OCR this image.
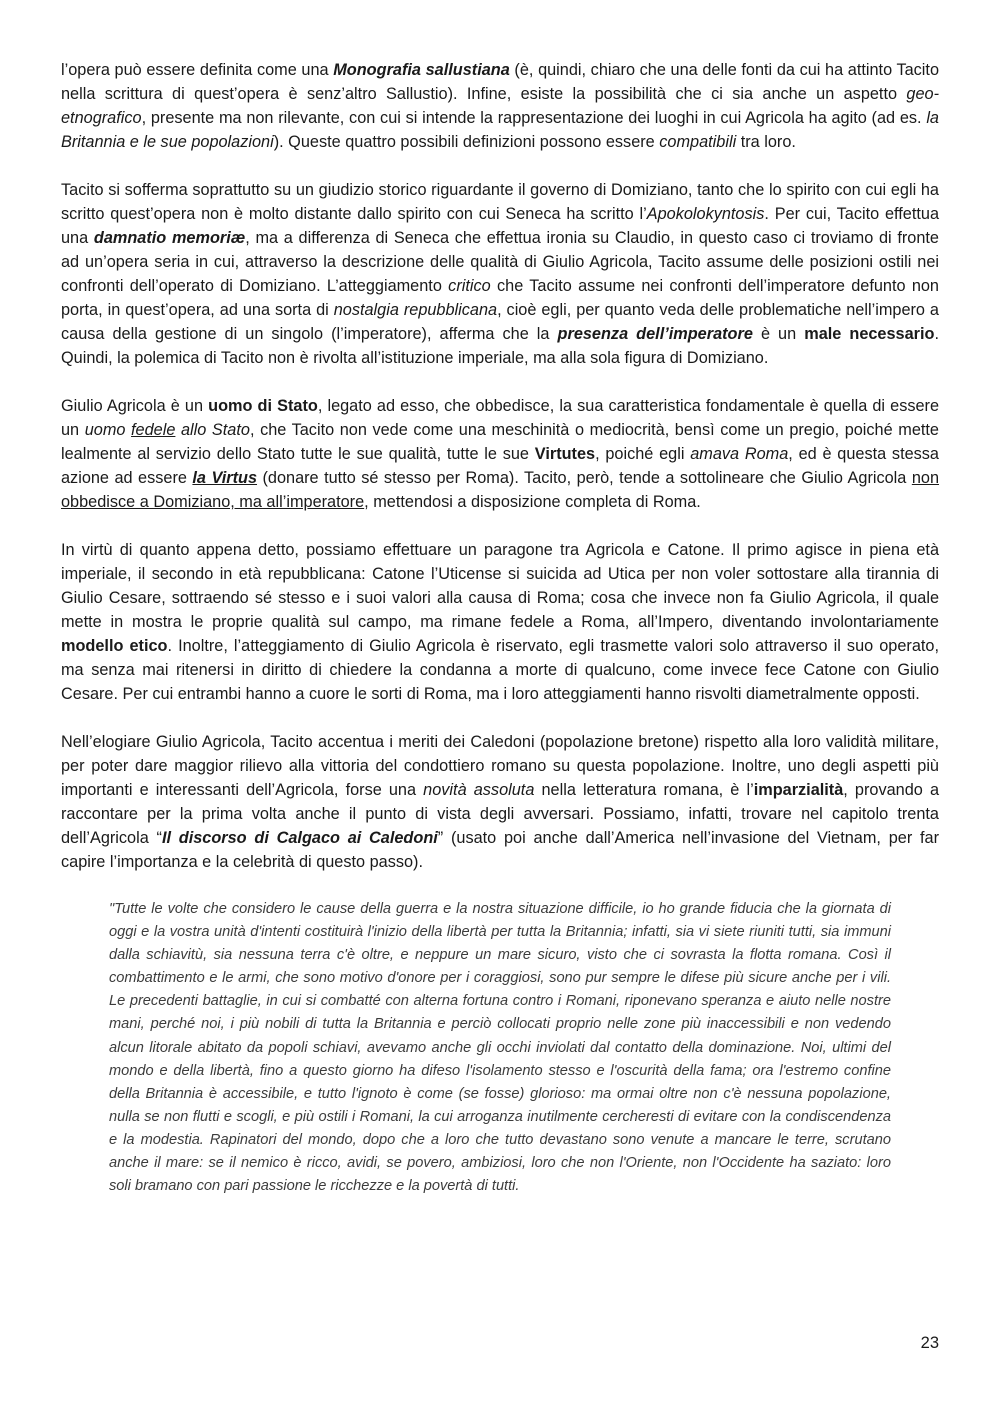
l’opera può essere definita come una Monografia sallustiana (è, quindi, chiaro che una delle fonti da cui ha attinto Tacito nella scrittura di quest’opera è senz’altro Sallustio). Infine, esiste la possibilità che ci sia anche un aspetto geo-etnografico, presente ma non rilevante, con cui si intende la rappresentazione dei luoghi in cui Agricola ha agito (ad es. la Britannia e le sue popolazioni). Queste quattro possibili definizioni possono essere compatibili tra loro.

Tacito si sofferma soprattutto su un giudizio storico riguardante il governo di Domiziano, tanto che lo spirito con cui egli ha scritto quest’opera non è molto distante dallo spirito con cui Seneca ha scritto l’Apokolokyntosis. Per cui, Tacito effettua una damnatio memoriæ, ma a differenza di Seneca che effettua ironia su Claudio, in questo caso ci troviamo di fronte ad un’opera seria in cui, attraverso la descrizione delle qualità di Giulio Agricola, Tacito assume delle posizioni ostili nei confronti dell’operato di Domiziano. L’atteggiamento critico che Tacito assume nei confronti dell’imperatore defunto non porta, in quest’opera, ad una sorta di nostalgia repubblicana, cioè egli, per quanto veda delle problematiche nell’impero a causa della gestione di un singolo (l’imperatore), afferma che la presenza dell’imperatore è un male necessario. Quindi, la polemica di Tacito non è rivolta all’istituzione imperiale, ma alla sola figura di Domiziano.

Giulio Agricola è un uomo di Stato, legato ad esso, che obbedisce, la sua caratteristica fondamentale è quella di essere un uomo fedele allo Stato, che Tacito non vede come una meschinità o mediocrità, bensì come un pregio, poiché mette lealmente al servizio dello Stato tutte le sue qualità, tutte le sue Virtutes, poiché egli amava Roma, ed è questa stessa azione ad essere la Virtus (donare tutto sé stesso per Roma). Tacito, però, tende a sottolineare che Giulio Agricola non obbedisce a Domiziano, ma all’imperatore, mettendosi a disposizione completa di Roma.

In virtù di quanto appena detto, possiamo effettuare un paragone tra Agricola e Catone. Il primo agisce in piena età imperiale, il secondo in età repubblicana: Catone l’Uticense si suicida ad Utica per non voler sottostare alla tirannia di Giulio Cesare, sottraendo sé stesso e i suoi valori alla causa di Roma; cosa che invece non fa Giulio Agricola, il quale mette in mostra le proprie qualità sul campo, ma rimane fedele a Roma, all’Impero, diventando involontariamente modello etico. Inoltre, l’atteggiamento di Giulio Agricola è riservato, egli trasmette valori solo attraverso il suo operato, ma senza mai ritenersi in diritto di chiedere la condanna a morte di qualcuno, come invece fece Catone con Giulio Cesare. Per cui entrambi hanno a cuore le sorti di Roma, ma i loro atteggiamenti hanno risvolti diametralmente opposti.

Nell’elogiare Giulio Agricola, Tacito accentua i meriti dei Caledoni (popolazione bretone) rispetto alla loro validità militare, per poter dare maggior rilievo alla vittoria del condottiero romano su questa popolazione. Inoltre, uno degli aspetti più importanti e interessanti dell’Agricola, forse una novità assoluta nella letteratura romana, è l’imparzialità, provando a raccontare per la prima volta anche il punto di vista degli avversari. Possiamo, infatti, trovare nel capitolo trenta dell’Agricola “Il discorso di Calgaco ai Caledoni” (usato poi anche dall’America nell’invasione del Vietnam, per far capire l’importanza e la celebrità di questo passo).

"Tutte le volte che considero le cause della guerra e la nostra situazione difficile, io ho grande fiducia che la giornata di oggi e la vostra unità d'intenti costituirà l'inizio della libertà per tutta la Britannia; infatti, sia vi siete riuniti tutti, sia immuni dalla schiavitù, sia nessuna terra c'è oltre, e neppure un mare sicuro, visto che ci sovrasta la flotta romana. Così il combattimento e le armi, che sono motivo d'onore per i coraggiosi, sono pur sempre le difese più sicure anche per i vili. Le precedenti battaglie, in cui si combatté con alterna fortuna contro i Romani, riponevano speranza e aiuto nelle nostre mani, perché noi, i più nobili di tutta la Britannia e perciò collocati proprio nelle zone più inaccessibili e non vedendo alcun litorale abitato da popoli schiavi, avevamo anche gli occhi inviolati dal contatto della dominazione. Noi, ultimi del mondo e della libertà, fino a questo giorno ha difeso l'isolamento stesso e l'oscurità della fama; ora l'estremo confine della Britannia è accessibile, e tutto l'ignoto è come (se fosse) glorioso: ma ormai oltre non c'è nessuna popolazione, nulla se non flutti e scogli, e più ostili i Romani, la cui arroganza inutilmente cercheresti di evitare con la condiscendenza e la modestia. Rapinatori del mondo, dopo che a loro che tutto devastano sono venute a mancare le terre, scrutano anche il mare: se il nemico è ricco, avidi, se povero, ambiziosi, loro che non l'Oriente, non l'Occidente ha saziato: loro soli bramano con pari passione le ricchezze e la povertà di tutti.

23
